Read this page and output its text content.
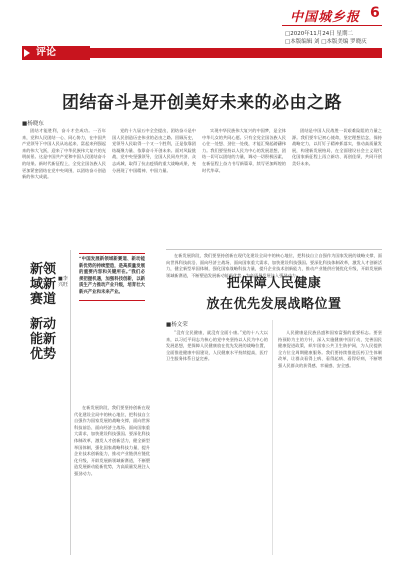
中国城乡报 6
□2020年11月24日 星期二
□本版编辑 刘 □本版美编 罗晓庆
评论
团结奋斗是开创美好未来的必由之路
■杨晓东
团结才能胜利，奋斗才会成功。一百年来，党和人民团结一心、同心协力，在中国共产党领导下中国人民从站起来、富起来到强起来的伟大飞跃，迎来了中华民族伟大复兴的光明前景。这是中国共产党和中国人民团结奋斗的结果。新时代新征程上，全党全国各族人民更加紧密团结在党中央周围，以团结奋斗创造新的伟大成就。
党的十九届五中全会提出，团结奋斗是中国人民创造历史伟业的必由之路。回顾历史，党领导人民取得一个又一个胜利，正是依靠团结凝聚力量、依靠奋斗开创未来。面对风险挑战，党中央坚强领导，全国人民同舟共济、众志成城，取得了抗击疫情的重大战略成果，充分展现了中国精神、中国力量。
实现中华民族伟大复兴的中国梦，是全体中华儿女的共同心愿。只有全党全国各族人民心往一处想、劲往一处使，才能汇聚起磅礴伟力。我们要坚持以人民为中心的发展思想，团结一切可以团结的力量，调动一切积极因素，在新征程上奋力书写新篇章，续写更加辉煌的时代华章。
团结是中国人民战胜一切艰难险阻的力量之源。我们要牢记初心使命，坚定理想信念，保持战略定力，以钉钉子精神抓落实，推动高质量发展，构建新发展格局，在全面建设社会主义现代化国家新征程上再立新功、再创佳绩，共同开创美好未来。
新领域新赛道
新动能新优势
■李兴旺
“中国发展新领域新赛道、新动能新优势的持续塑造，是高质量发展的重要内容和关键所在。”我们必须把握机遇，加强科技创新，以新质生产力推动产业升级，培育壮大新兴产业和未来产业。
在新发展阶段，我们要坚持创新在现代化建设全局中的核心地位，把科技自立自强作为国家发展的战略支撑，面向世界科技前沿、面向经济主战场、面向国家重大需求，加快建设科技强国。要深化科技体制改革，激发人才创新活力，健全新型举国体制，强化国家战略科技力量，提升企业技术创新能力，推动产业链供应链优化升级，开辟发展新领域新赛道，不断塑造发展新动能新优势，为高质量发展注入强劲动力。
在新发展阶段，我们要坚持创新在现代化建设全局中的核心地位，把科技自立自强作为国家发展的战略支撑，面向世界科技前沿、面向经济主战场、面向国家重大需求，加快建设科技强国。要深化科技体制改革，激发人才创新活力，健全新型举国体制，强化国家战略科技力量，提升企业技术创新能力，推动产业链供应链优化升级，开辟发展新领域新赛道，不断塑造发展新动能新优势，为高质量发展注入强劲动力。
把保障人民健康
放在优先发展战略位置
■杨文荣
“没有全民健康，就没有全面小康。”党的十八大以来，以习近平同志为核心的党中央坚持以人民为中心的发展思想，把保障人民健康放在优先发展的战略位置，全面推进健康中国建设，人民健康水平持续提高，医疗卫生服务体系日益完善。
人民健康是民族昌盛和国家富强的重要标志。要坚持预防为主的方针，深入实施健康中国行动，完善国民健康促进政策，织牢国家公共卫生防护网，为人民提供全方位全周期健康服务。我们要持续推进医药卫生体制改革，让群众看得上病、看得起病、看得好病，不断增强人民群众的获得感、幸福感、安全感。
